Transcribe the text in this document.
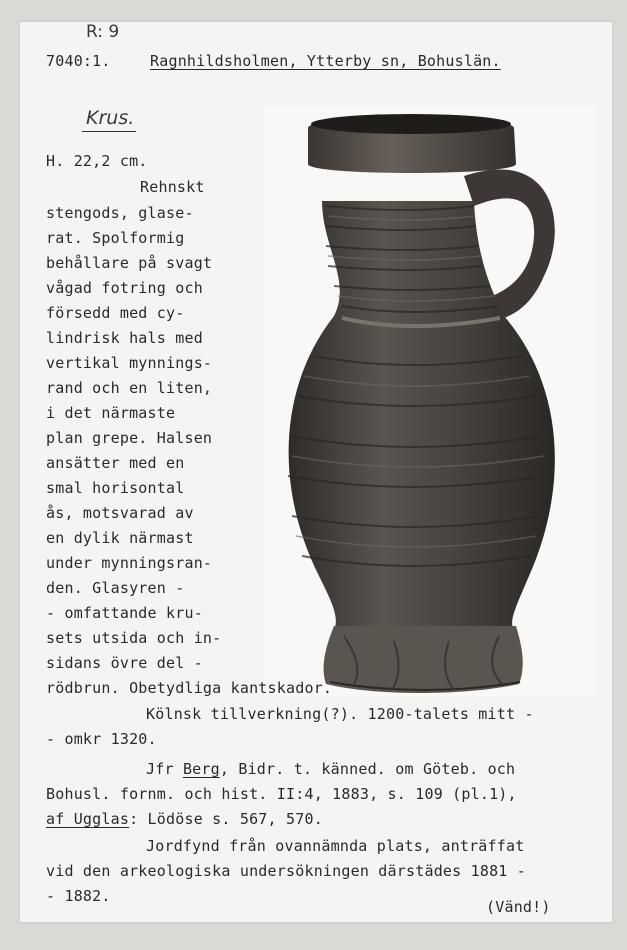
R: 9
7040:1.	Ragnhildsholmen, Ytterby sn, Bohuslän.
Krus.
H. 22,2 cm.
Rehnskt
stengods, glase-
rat. Spolformig
behållare på svagt
vågad fotring och
försedd med cy-
lindrisk hals med
vertikal mynnings-
rand och en liten,
i det närmaste
plan grepe. Halsen
ansätter med en
smal horisontal
ås, motsvarad av
en dylik närmast
under mynningsran-
den. Glasyren -
- omfattande kru-
sets utsida och in-
sidans övre del -
rödbrun. Obetydliga kantskador.
Kölnsk tillverkning(?). 1200-talets mitt -
- omkr 1320.
Jfr Berg, Bidr. t. känned. om Göteb. och
Bohusl. fornm. och hist. II:4, 1883, s. 109 (pl.1),
af Ugglas: Lödöse s. 567, 570.
Jordfynd från ovannämnda plats, anträffat
vid den arkeologiska undersökningen därstädes 1881 -
- 1882.
(Vänd!)
